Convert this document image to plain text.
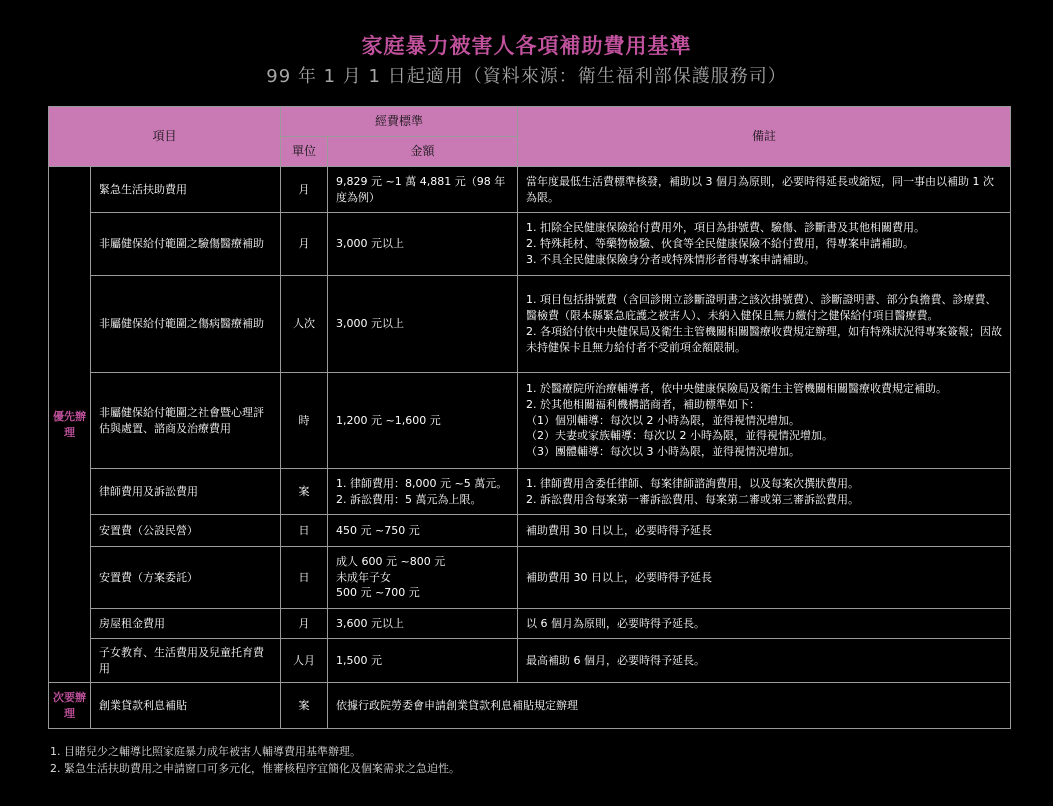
家庭暴力被害人各項補助費用基準
99 年 1 月 1 日起適用（資料來源：衛生福利部保護服務司）
項目		經費標準		備註
		單位	金額	
優先辦理	緊急生活扶助費用	月	9,829 元 ~1 萬 4,881 元（98 年度為例）	當年度最低生活費標準核發，補助以 3 個月為原則，必要時得延長或縮短，同一事由以補助 1 次為限。
	非屬健保給付範圍之驗傷醫療補助	月	3,000 元以上	1. 扣除全民健康保險給付費用外，項目為掛號費、驗傷、診斷書及其他相關費用。
2. 特殊耗材、等藥物檢驗、伙食等全民健康保險不給付費用，得專案申請補助。
3. 不具全民健康保險身分者或特殊情形者得專案申請補助。
	非屬健保給付範圍之傷病醫療補助	人次	3,000 元以上	1. 項目包括掛號費（含回診開立診斷證明書之該次掛號費）、診斷證明書、部分負擔費、診療費、醫檢費（限本縣緊急庇護之被害人）、未納入健保且無力繳付之健保給付項目醫療費。
2. 各項給付依中央健保局及衛生主管機關相關醫療收費規定辦理，如有特殊狀況得專案簽報；因故未持健保卡且無力給付者不受前項金額限制。
	非屬健保給付範圍之社會暨心理評估與處置、諮商及治療費用	時	1,200 元 ~1,600 元	1. 於醫療院所治療輔導者，依中央健康保險局及衛生主管機關相關醫療收費規定補助。
2. 於其他相關福利機構諮商者，補助標準如下：
（1）個別輔導：每次以 2 小時為限，並得視情況增加。
（2）夫妻或家族輔導：每次以 2 小時為限，並得視情況增加。
（3）團體輔導：每次以 3 小時為限，並得視情況增加。
	律師費用及訴訟費用	案	1. 律師費用：8,000 元 ~5 萬元。
2. 訴訟費用：5 萬元為上限。	1. 律師費用含委任律師、每案律師諮詢費用，以及每案次撰狀費用。
2. 訴訟費用含每案第一審訴訟費用、每案第二審或第三審訴訟費用。
	安置費（公設民營）	日	450 元 ~750 元	補助費用 30 日以上，必要時得予延長
	安置費（方案委託）	日	成人 600 元 ~800 元
未成年子女
500 元 ~700 元	補助費用 30 日以上，必要時得予延長
	房屋租金費用	月	3,600 元以上	以 6 個月為原則，必要時得予延長。
	子女教育、生活費用及兒童托育費用	人月	1,500 元	最高補助 6 個月，必要時得予延長。
次要辦理	創業貸款利息補貼	案	依據行政院勞委會申請創業貸款利息補貼規定辦理	
1. 目睹兒少之輔導比照家庭暴力成年被害人輔導費用基準辦理。
2. 緊急生活扶助費用之申請窗口可多元化，惟審核程序宜簡化及個案需求之急迫性。
